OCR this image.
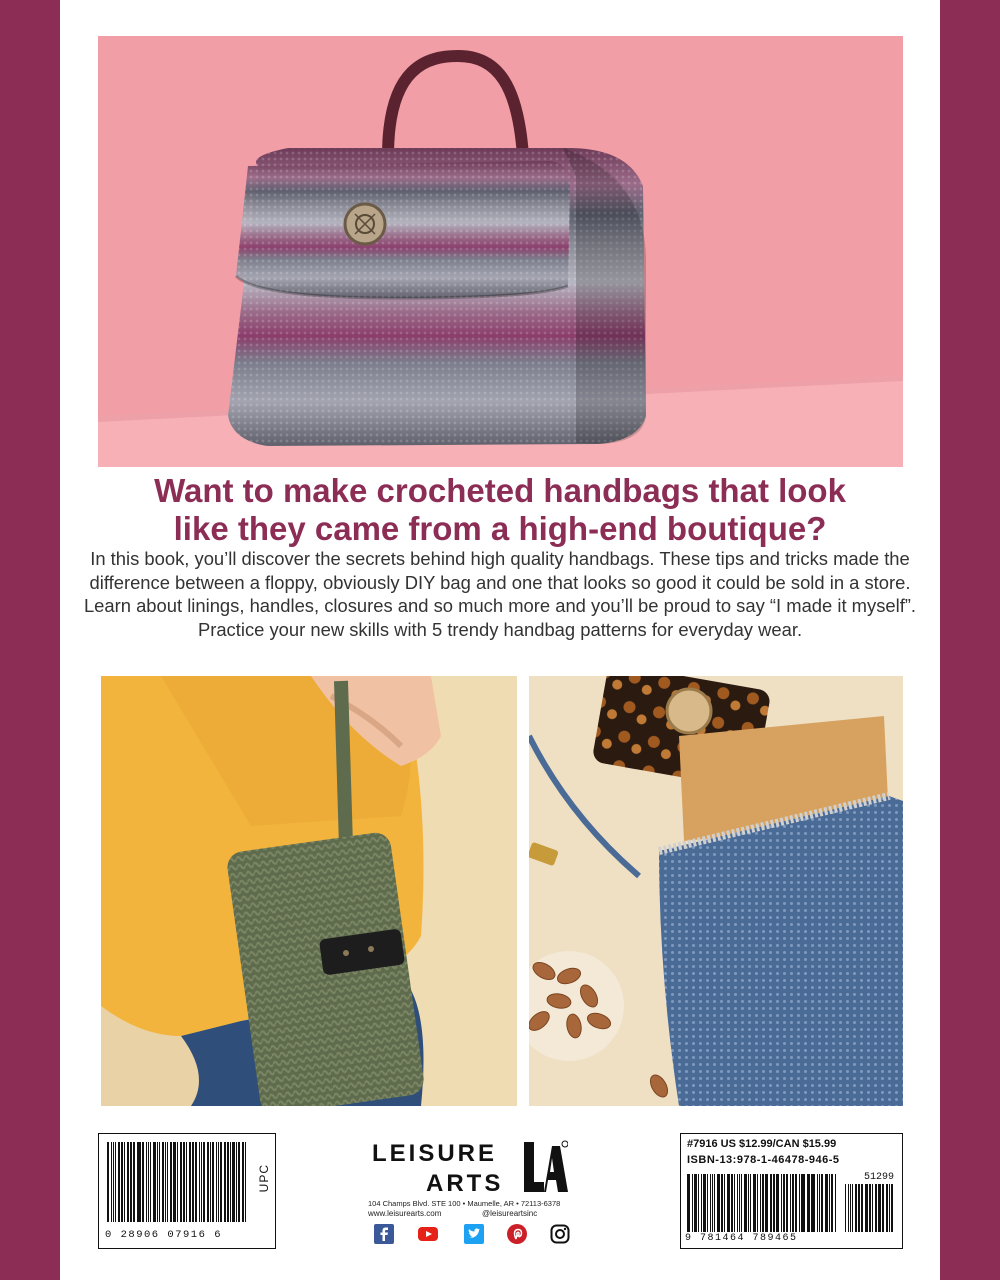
Want to make crocheted handbags that look
like they came from a high-end boutique?

In this book, you’ll discover the secrets behind high quality handbags. These tips and tricks made the difference between a floppy, obviously DIY bag and one that looks so good it could be sold in a store. Learn about linings, handles, closures and so much more and you’ll be proud to say “I made it myself”. Practice your new skills with 5 trendy handbag patterns for everyday wear.

UPC
0 28906 07916 6

LEISURE

ARTS

104 Champs Blvd. STE 100 • Maumelle, AR • 72113-6378

www.leisurearts.com	@leisureartsinc

#7916 US $12.99/CAN $15.99
ISBN-13:978-1-46478-946-5
51299
9 781464 789465
